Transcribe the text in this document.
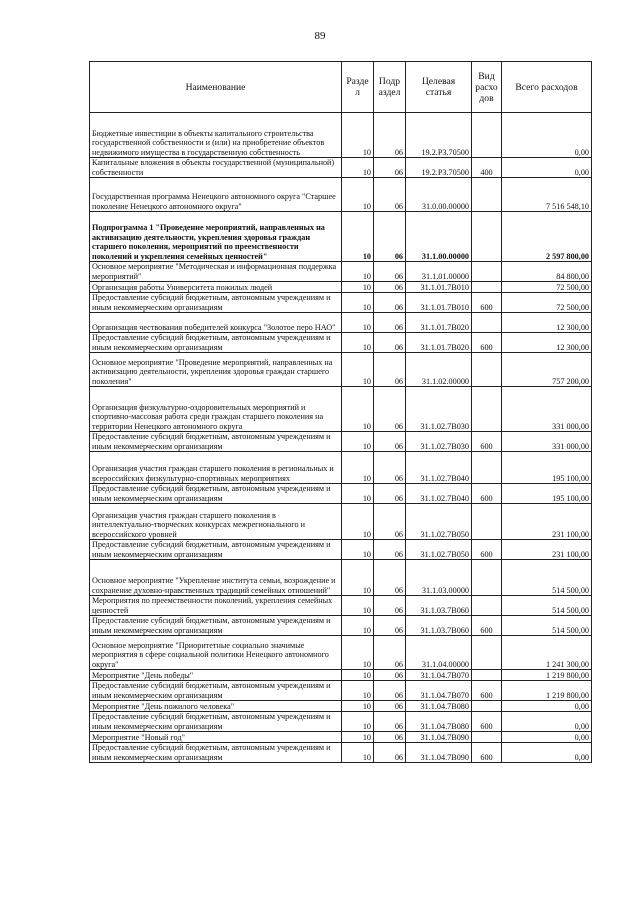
89
Наименование	Разде л	Подр аздел	Целевая статья	Вид расхо дов	Всего расходов
Бюджетные инвестиции в объекты капитального строительства государственной собственности и (или) на приобретение объектов недвижимого имущества в государственную собственность	10	06	19.2.Р3.70500		0,00
Капитальные вложения в объекты государственной (муниципальной) собственности	10	06	19.2.Р3.70500	400	0,00
Государственная программа Ненецкого автономного округа "Старшее поколение Ненецкого автономного округа"	10	06	31.0.00.00000		7 516 548,10
Подпрограмма 1 "Проведение мероприятий, направленных на активизацию деятельности, укрепления здоровья граждан старшего поколения, мероприятий по преемственности поколений и укрепления семейных ценностей"	10	06	31.1.00.00000		2 597 800,00
Основное мероприятие "Методическая и информационная поддержка мероприятий"	10	06	31.1.01.00000		84 800,00
Организация работы Университета пожилых людей	10	06	31.1.01.7В010		72 500,00
Предоставление субсидий бюджетным, автономным учреждениям и иным некоммерческим организациям	10	06	31.1.01.7В010	600	72 500,00
Организация чествования победителей конкурса "Золотое перо НАО"	10	06	31.1.01.7В020		12 300,00
Предоставление субсидий бюджетным, автономным учреждениям и иным некоммерческим организациям	10	06	31.1.01.7В020	600	12 300,00
Основное мероприятие "Проведение мероприятий, направленных на активизацию деятельности, укрепления здоровья граждан старшего поколения"	10	06	31.1.02.00000		757 200,00
Организация физкультурно-оздоровительных мероприятий и спортивно-массовая работа среди граждан старшего поколения на территории Ненецкого автономного округа	10	06	31.1.02.7В030		331 000,00
Предоставление субсидий бюджетным, автономным учреждениям и иным некоммерческим организациям	10	06	31.1.02.7В030	600	331 000,00
Организация участия граждан старшего поколения в региональных и всероссийских физкультурно-спортивных мероприятиях	10	06	31.1.02.7В040		195 100,00
Предоставление субсидий бюджетным, автономным учреждениям и иным некоммерческим организациям	10	06	31.1.02.7В040	600	195 100,00
Организация участия граждан старшего поколения в интеллектуально-творческих конкурсах межрегионального и всероссийского уровней	10	06	31.1.02.7В050		231 100,00
Предоставление субсидий бюджетным, автономным учреждениям и иным некоммерческим организациям	10	06	31.1.02.7В050	600	231 100,00
Основное мероприятие "Укрепление института семьи, возрождение и сохранение духовно-нравственных традиций семейных отношений"	10	06	31.1.03.00000		514 500,00
Мероприятия по преемственности поколений, укрепления семейных ценностей	10	06	31.1.03.7В060		514 500,00
Предоставление субсидий бюджетным, автономным учреждениям и иным некоммерческим организациям	10	06	31.1.03.7В060	600	514 500,00
Основное мероприятие "Приоритетные социально значимые мероприятия в сфере социальной политики Ненецкого автономного округа"	10	06	31.1.04.00000		1 241 300,00
Мероприятие "День победы"	10	06	31.1.04.7В070		1 219 800,00
Предоставление субсидий бюджетным, автономным учреждениям и иным некоммерческим организациям	10	06	31.1.04.7В070	600	1 219 800,00
Мероприятие "День пожилого человека"	10	06	31.1.04.7В080		0,00
Предоставление субсидий бюджетным, автономным учреждениям и иным некоммерческим организациям	10	06	31.1.04.7В080	600	0,00
Мероприятие "Новый год"	10	06	31.1.04.7В090		0,00
Предоставление субсидий бюджетным, автономным учреждениям и иным некоммерческим организациям	10	06	31.1.04.7В090	600	0,00
